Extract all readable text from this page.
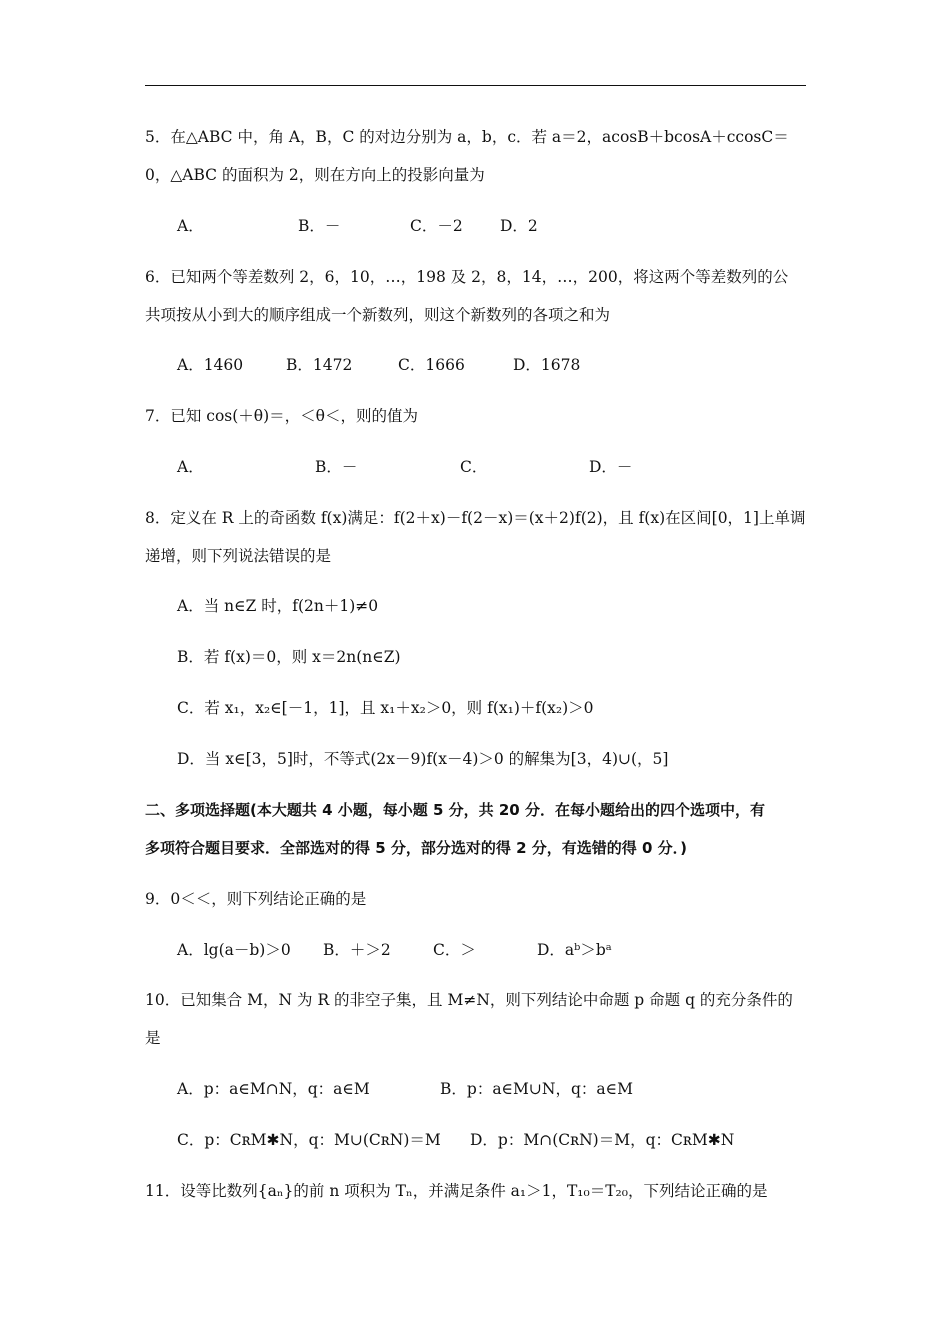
5．在△ABC 中，角 A，B，C 的对边分别为 a，b，c．若 a＝2，acosB＋bcosA＋ccosC＝
0，△ABC 的面积为 2，则在方向上的投影向量为
A．	B．－	C．－2 D．2
6．已知两个等差数列 2，6，10，…，198 及 2，8，14，…，200，将这两个等差数列的公
共项按从小到大的顺序组成一个新数列，则这个新数列的各项之和为
A．1460	B．1472	C．1666	D．1678
7．已知 cos(＋θ)＝，＜θ＜，则的值为
A．	B．－	C．	D．－
8．定义在 R 上的奇函数 f(x)满足：f(2＋x)－f(2－x)＝(x＋2)f(2)，且 f(x)在区间[0，1]上单调
递增，则下列说法错误的是
A．当 n∈Z 时，f(2n＋1)≠0
B．若 f(x)＝0，则 x＝2n(n∈Z)
C．若 x₁，x₂∈[－1，1]，且 x₁＋x₂＞0，则 f(x₁)＋f(x₂)＞0
D．当 x∈[3，5]时，不等式(2x－9)f(x－4)＞0 的解集为[3，4)∪(，5]
二、多项选择题(本大题共 4 小题，每小题 5 分，共 20 分．在每小题给出的四个选项中，有
多项符合题目要求．全部选对的得 5 分，部分选对的得 2 分，有选错的得 0 分．)
9．0＜＜，则下列结论正确的是
A．lg(a－b)＞0 B．＋＞2	C．＞	D．aᵇ＞bᵃ
10．已知集合 M，N 为 R 的非空子集，且 M≠N，则下列结论中命题 p 命题 q 的充分条件的
是
A．p：a∈M∩N，q：a∈M	B．p：a∈M∪N，q：a∈M
C．p：CʀM✱N，q：M∪(CʀN)＝M D．p：M∩(CʀN)＝M，q：CʀM✱N
11．设等比数列{aₙ}的前 n 项积为 Tₙ，并满足条件 a₁＞1，T₁₀＝T₂₀，下列结论正确的是
